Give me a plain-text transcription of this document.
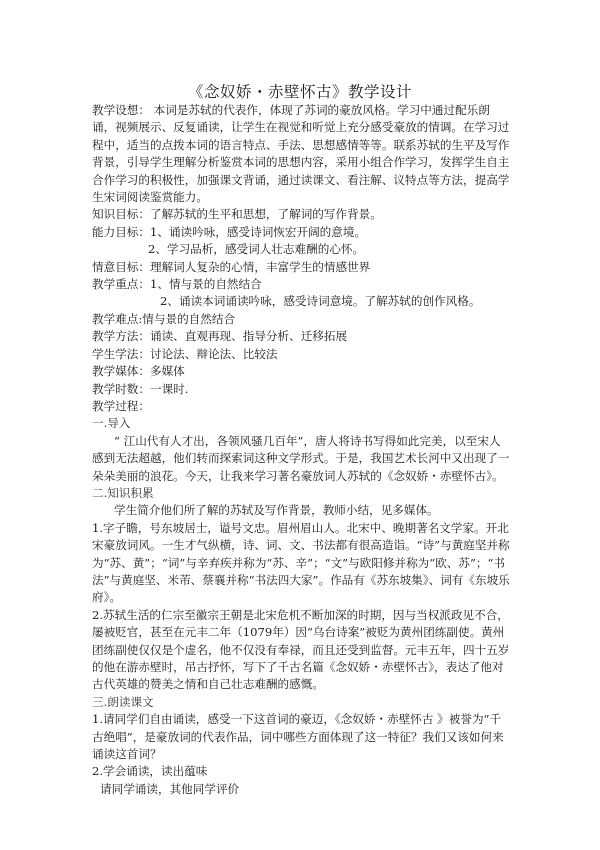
《念奴娇・赤壁怀古》教学设计

教学设想： 本词是苏轼的代表作，体现了苏词的豪放风格。学习中通过配乐朗诵，视频展示、反复诵读，让学生在视觉和听觉上充分感受豪放的情调。在学习过程中，适当的点拨本词的语言特点、手法、思想感情等等。联系苏轼的生平及写作背景，引导学生理解分析鉴赏本词的思想内容，采用小组合作学习，发挥学生自主合作学习的积极性，加强课文背诵，通过读课文、看注解、议特点等方法，提高学生宋词阅读鉴赏能力。

知识目标：了解苏轼的生平和思想，了解词的写作背景。

能力目标：1、诵读吟咏，感受诗词恢宏开阔的意境。

2、学习品析，感受词人壮志难酬的心怀。

情意目标：理解词人复杂的心情，丰富学生的情感世界

教学重点：1、情与景的自然结合

2、诵读本词诵读吟咏，感受诗词意境。了解苏轼的创作风格。

教学难点:情与景的自然结合

教学方法：诵读、直观再现、指导分析、迁移拓展

学生学法：讨论法、辩论法、比较法

教学媒体：多媒体

教学时数：一课时.

教学过程：

一.导入

“ 江山代有人才出，各领风骚几百年”，唐人将诗书写得如此完美，以至宋人感到无法超越，他们转而探索词这种文学形式。于是，我国艺术长河中又出现了一朵朵美丽的浪花。今天，让我来学习著名豪放词人苏轼的《念奴娇・赤壁怀古》。

二.知识积累

学生简介他们所了解的苏轼及写作背景，教师小结，见多媒体。

1.字子瞻，号东坡居士，谥号文忠。眉州眉山人。北宋中、晚期著名文学家。开北宋豪放词风。一生才气纵横，诗、词、文、书法都有很高造诣。“诗”与黄庭坚并称为“苏、黄”；“词”与辛弃疾并称为“苏、辛”；“文”与欧阳修并称为“欧、苏”；“书法”与黄庭坚、米芾、蔡襄并称“书法四大家”。作品有《苏东坡集》、词有《东坡乐府》。

2.苏轼生活的仁宗至徽宗王朝是北宋危机不断加深的时期，因与当权派政见不合，屡被贬官，甚至在元丰二年（1079年）因“乌台诗案”被贬为黄州团练副使。黄州团练副使仅仅是个虚名，他不仅没有奉禄，而且还受到监督。元丰五年，四十五岁的他在游赤壁时，吊古抒怀，写下了千古名篇《念奴娇・赤壁怀古》，表达了他对古代英雄的赞美之情和自己壮志难酬的感慨。

三.朗读课文

1.请同学们自由诵读，感受一下这首词的豪迈，《念奴娇・赤壁怀古 》被誉为“千古绝唱”，是豪放词的代表作品，词中哪些方面体现了这一特征？我们又该如何来诵读这首词？

2.学会诵读，读出蕴味

请同学诵读，其他同学评价
